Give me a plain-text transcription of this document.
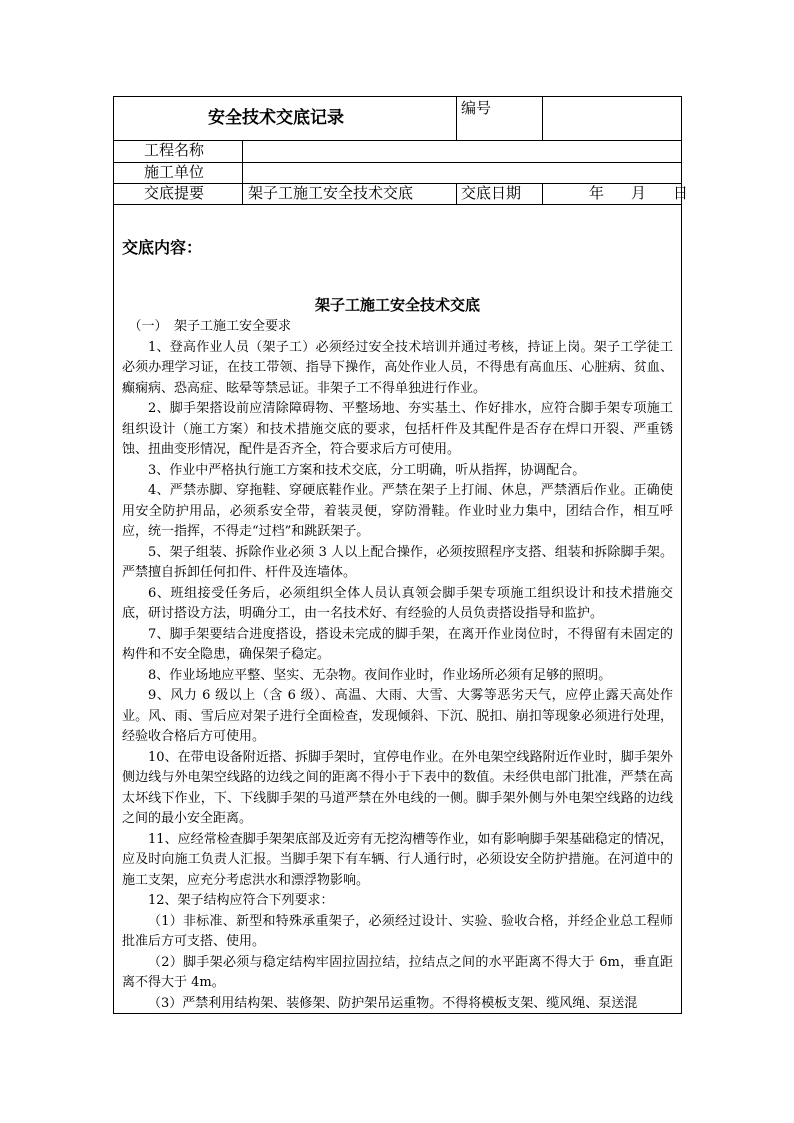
安全技术交底记录	编号
工程名称
施工单位
交底提要	架子工施工安全技术交底	交底日期	年　月　日
交底内容：
架子工施工安全技术交底

（一）　架子工施工安全要求

1、登高作业人员（架子工）必须经过安全技术培训并通过考核，持证上岗。架子工学徒工必须办理学习证，在技工带领、指导下操作，高处作业人员，不得患有高血压、心脏病、贫血、癫痫病、恐高症、眩晕等禁忌证。非架子工不得单独进行作业。

2、脚手架搭设前应清除障碍物、平整场地、夯实基土、作好排水，应符合脚手架专项施工组织设计（施工方案）和技术措施交底的要求，包括杆件及其配件是否存在焊口开裂、严重锈蚀、扭曲变形情况，配件是否齐全，符合要求后方可使用。

3、作业中严格执行施工方案和技术交底，分工明确，听从指挥，协调配合。

4、严禁赤脚、穿拖鞋、穿硬底鞋作业。严禁在架子上打闹、休息，严禁酒后作业。正确使用安全防护用品，必须系安全带，着装灵便，穿防滑鞋。作业时业力集中，团结合作，相互呼应，统一指挥，不得走“过档”和跳跃架子。

5、架子组装、拆除作业必须 3 人以上配合操作，必须按照程序支搭、组装和拆除脚手架。严禁擅自拆卸任何扣件、杆件及连墙体。

6、班组接受任务后，必须组织全体人员认真领会脚手架专项施工组织设计和技术措施交底，研讨搭设方法，明确分工，由一名技术好、有经验的人员负责搭设指导和监护。

7、脚手架要结合进度搭设，搭设未完成的脚手架，在离开作业岗位时，不得留有未固定的构件和不安全隐患，确保架子稳定。

8、作业场地应平整、坚实、无杂物。夜间作业时，作业场所必须有足够的照明。

9、风力 6 级以上（含 6 级）、高温、大雨、大雪、大雾等恶劣天气，应停止露天高处作业。风、雨、雪后应对架子进行全面检查，发现倾斜、下沉、脱扣、崩扣等现象必须进行处理，经验收合格后方可使用。

10、在带电设备附近搭、拆脚手架时，宜停电作业。在外电架空线路附近作业时，脚手架外侧边线与外电架空线路的边线之间的距离不得小于下表中的数值。未经供电部门批准，严禁在高太坏线下作业，下、下线脚手架的马道严禁在外电线的一侧。脚手架外侧与外电架空线路的边线之间的最小安全距离。

11、应经常检查脚手架架底部及近旁有无挖沟槽等作业，如有影响脚手架基础稳定的情况，应及时向施工负责人汇报。当脚手架下有车辆、行人通行时，必须设安全防护措施。在河道中的施工支架，应充分考虑洪水和漂浮物影响。

12、架子结构应符合下列要求：

（1）非标准、新型和特殊承重架子，必须经过设计、实验、验收合格，并经企业总工程师批准后方可支搭、使用。

（2）脚手架必须与稳定结构牢固拉固拉结，拉结点之间的水平距离不得大于 6m，垂直距离不得大于 4m。

（3）严禁利用结构架、装修架、防护架吊运重物。不得将模板支架、缆风绳、泵送混
